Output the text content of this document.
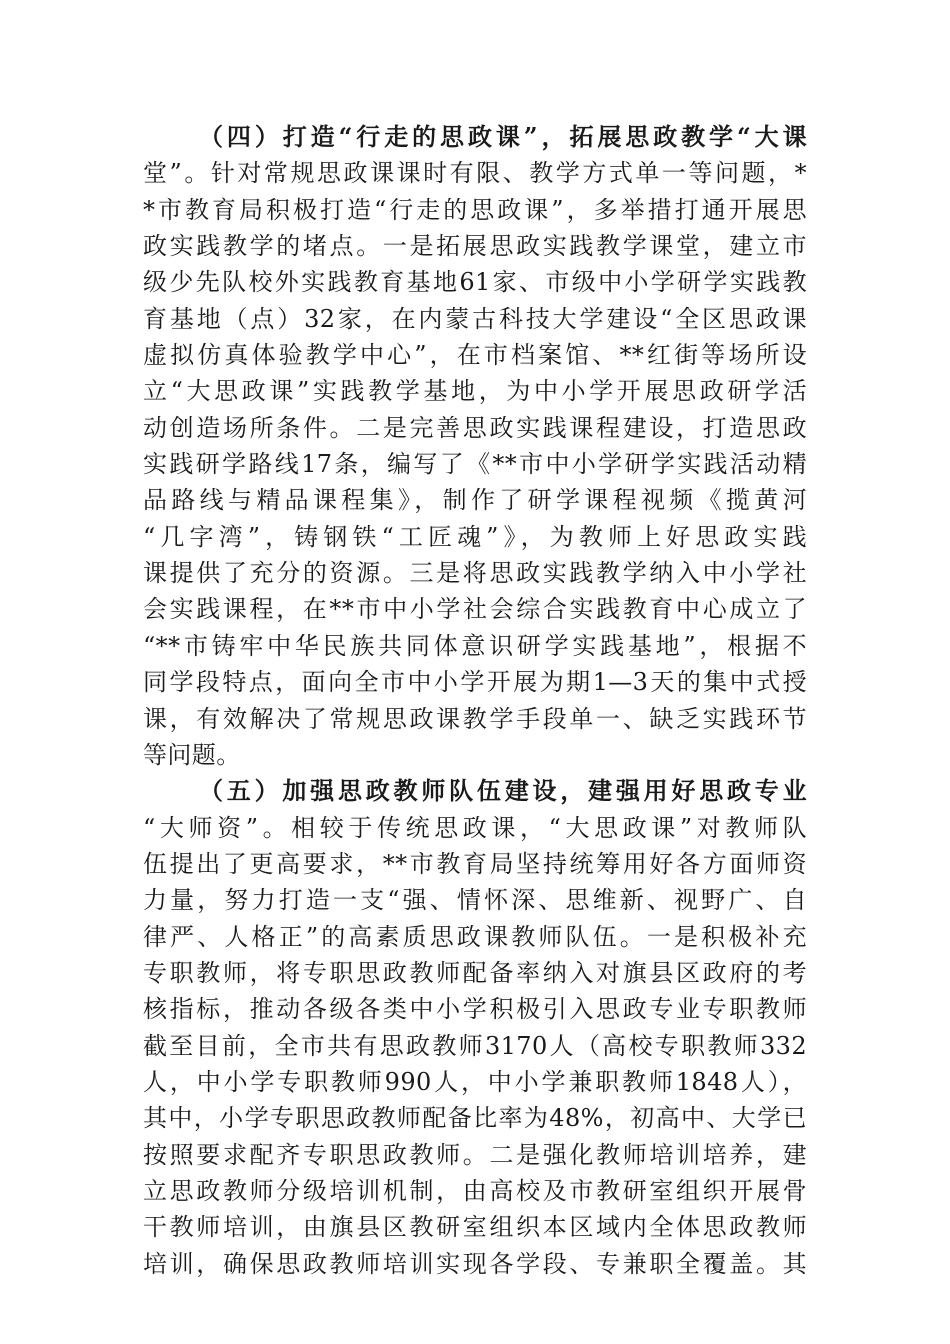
（四）打造“行走的思政课”，拓展思政教学“大课
堂”。针对常规思政课课时有限、教学方式单一等问题，*
*市教育局积极打造“行走的思政课”，多举措打通开展思
政实践教学的堵点。一是拓展思政实践教学课堂，建立市
级少先队校外实践教育基地61家、市级中小学研学实践教
育基地（点）32家，在内蒙古科技大学建设“全区思政课
虚拟仿真体验教学中心”，在市档案馆、**红街等场所设
立“大思政课”实践教学基地，为中小学开展思政研学活
动创造场所条件。二是完善思政实践课程建设，打造思政
实践研学路线17条，编写了《**市中小学研学实践活动精
品路线与精品课程集》，制作了研学课程视频《揽黄河
“几字湾”，铸钢铁“工匠魂”》，为教师上好思政实践
课提供了充分的资源。三是将思政实践教学纳入中小学社
会实践课程，在**市中小学社会综合实践教育中心成立了
“**市铸牢中华民族共同体意识研学实践基地”，根据不
同学段特点，面向全市中小学开展为期1—3天的集中式授
课，有效解决了常规思政课教学手段单一、缺乏实践环节
等问题。
（五）加强思政教师队伍建设，建强用好思政专业
“大师资”。相较于传统思政课，“大思政课”对教师队
伍提出了更高要求，**市教育局坚持统筹用好各方面师资
力量，努力打造一支“强、情怀深、思维新、视野广、自
律严、人格正”的高素质思政课教师队伍。一是积极补充
专职教师，将专职思政教师配备率纳入对旗县区政府的考
核指标，推动各级各类中小学积极引入思政专业专职教师
截至目前，全市共有思政教师3170人（高校专职教师332
人，中小学专职教师990人，中小学兼职教师1848人），
其中，小学专职思政教师配备比率为48%，初高中、大学已
按照要求配齐专职思政教师。二是强化教师培训培养，建
立思政教师分级培训机制，由高校及市教研室组织开展骨
干教师培训，由旗县区教研室组织本区域内全体思政教师
培训，确保思政教师培训实现各学段、专兼职全覆盖。其
